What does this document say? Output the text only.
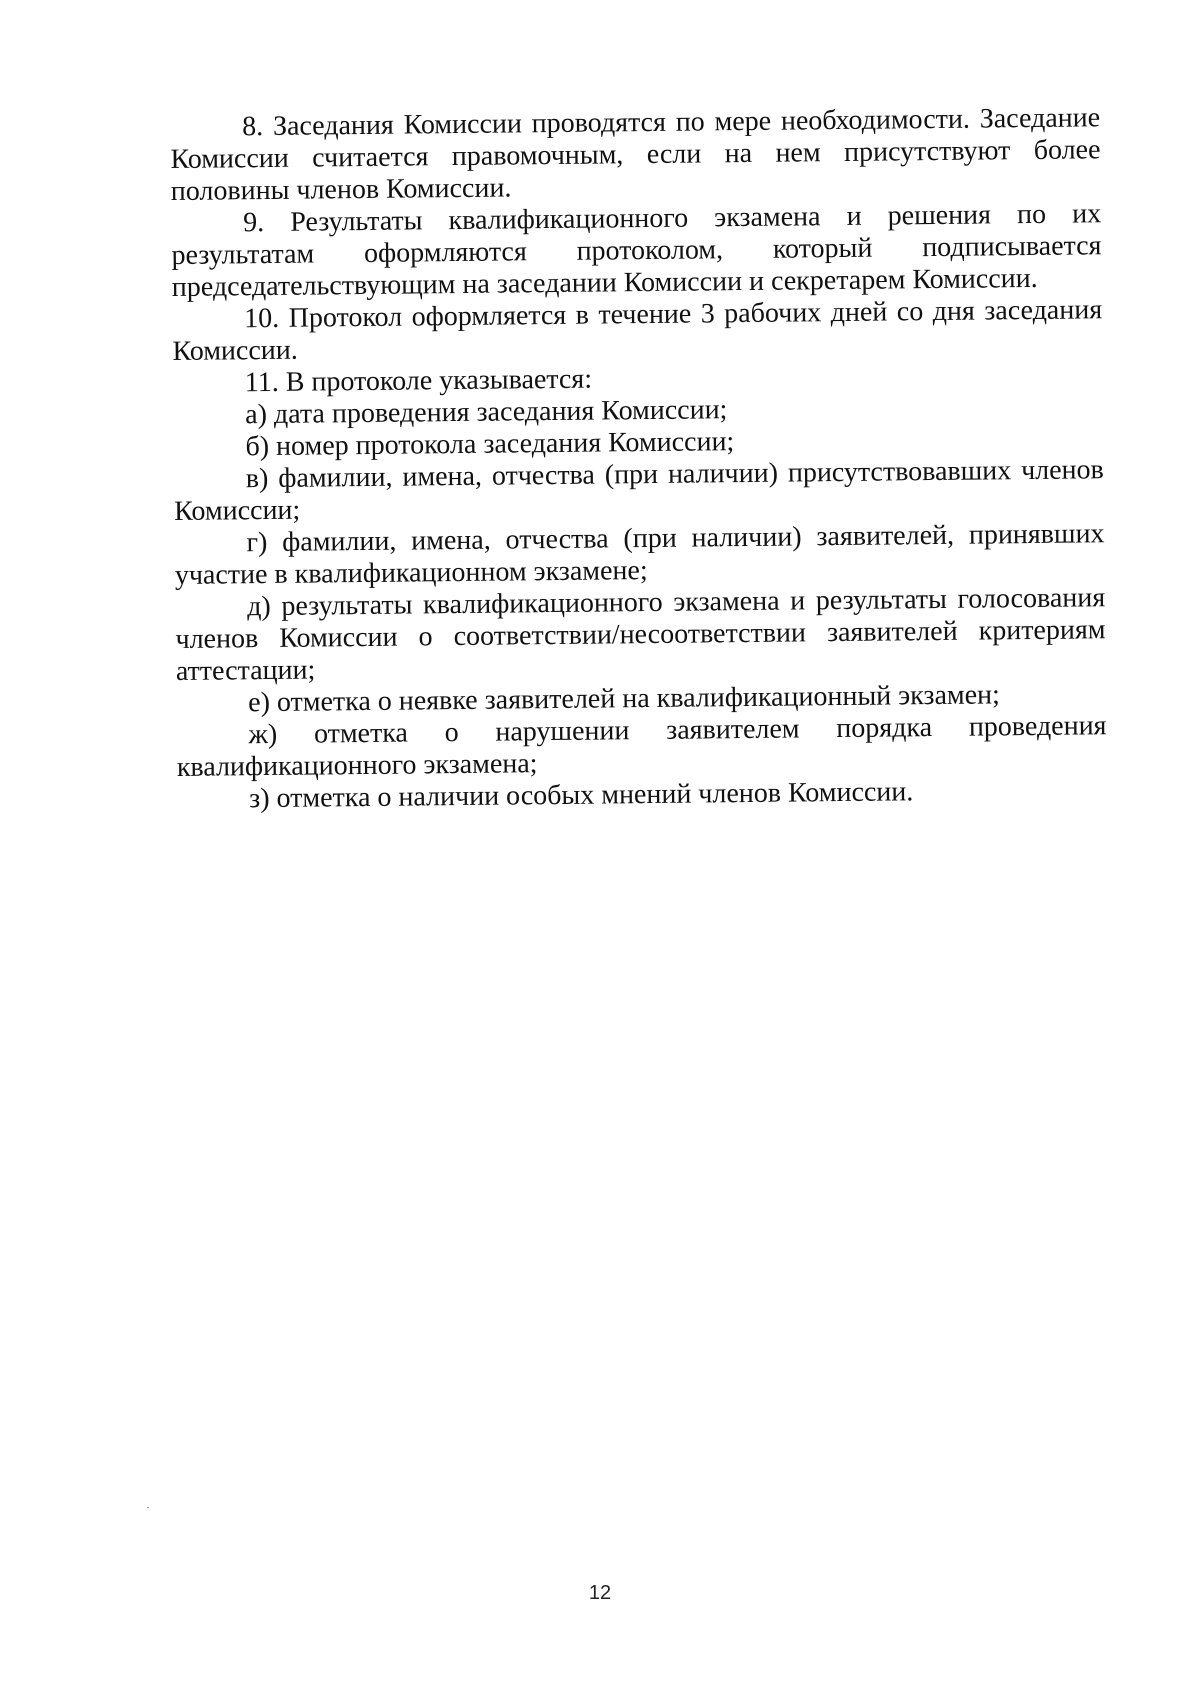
8. Заседания Комиссии проводятся по мере необходимости. Заседание Комиссии считается правомочным, если на нем присутствуют более половины членов Комиссии.

9. Результаты квалификационного экзамена и решения по их результатам оформляются протоколом, который подписывается председательствующим на заседании Комиссии и секретарем Комиссии.

10. Протокол оформляется в течение 3 рабочих дней со дня заседания Комиссии.

11. В протоколе указывается:

а) дата проведения заседания Комиссии;

б) номер протокола заседания Комиссии;

в) фамилии, имена, отчества (при наличии) присутствовавших членов Комиссии;

г) фамилии, имена, отчества (при наличии) заявителей, принявших участие в квалификационном экзамене;

д) результаты квалификационного экзамена и результаты голосования членов Комиссии о соответствии/несоответствии заявителей критериям аттестации;

е) отметка о неявке заявителей на квалификационный экзамен;

ж) отметка о нарушении заявителем порядка проведения квалификационного экзамена;

з) отметка о наличии особых мнений членов Комиссии.

12
